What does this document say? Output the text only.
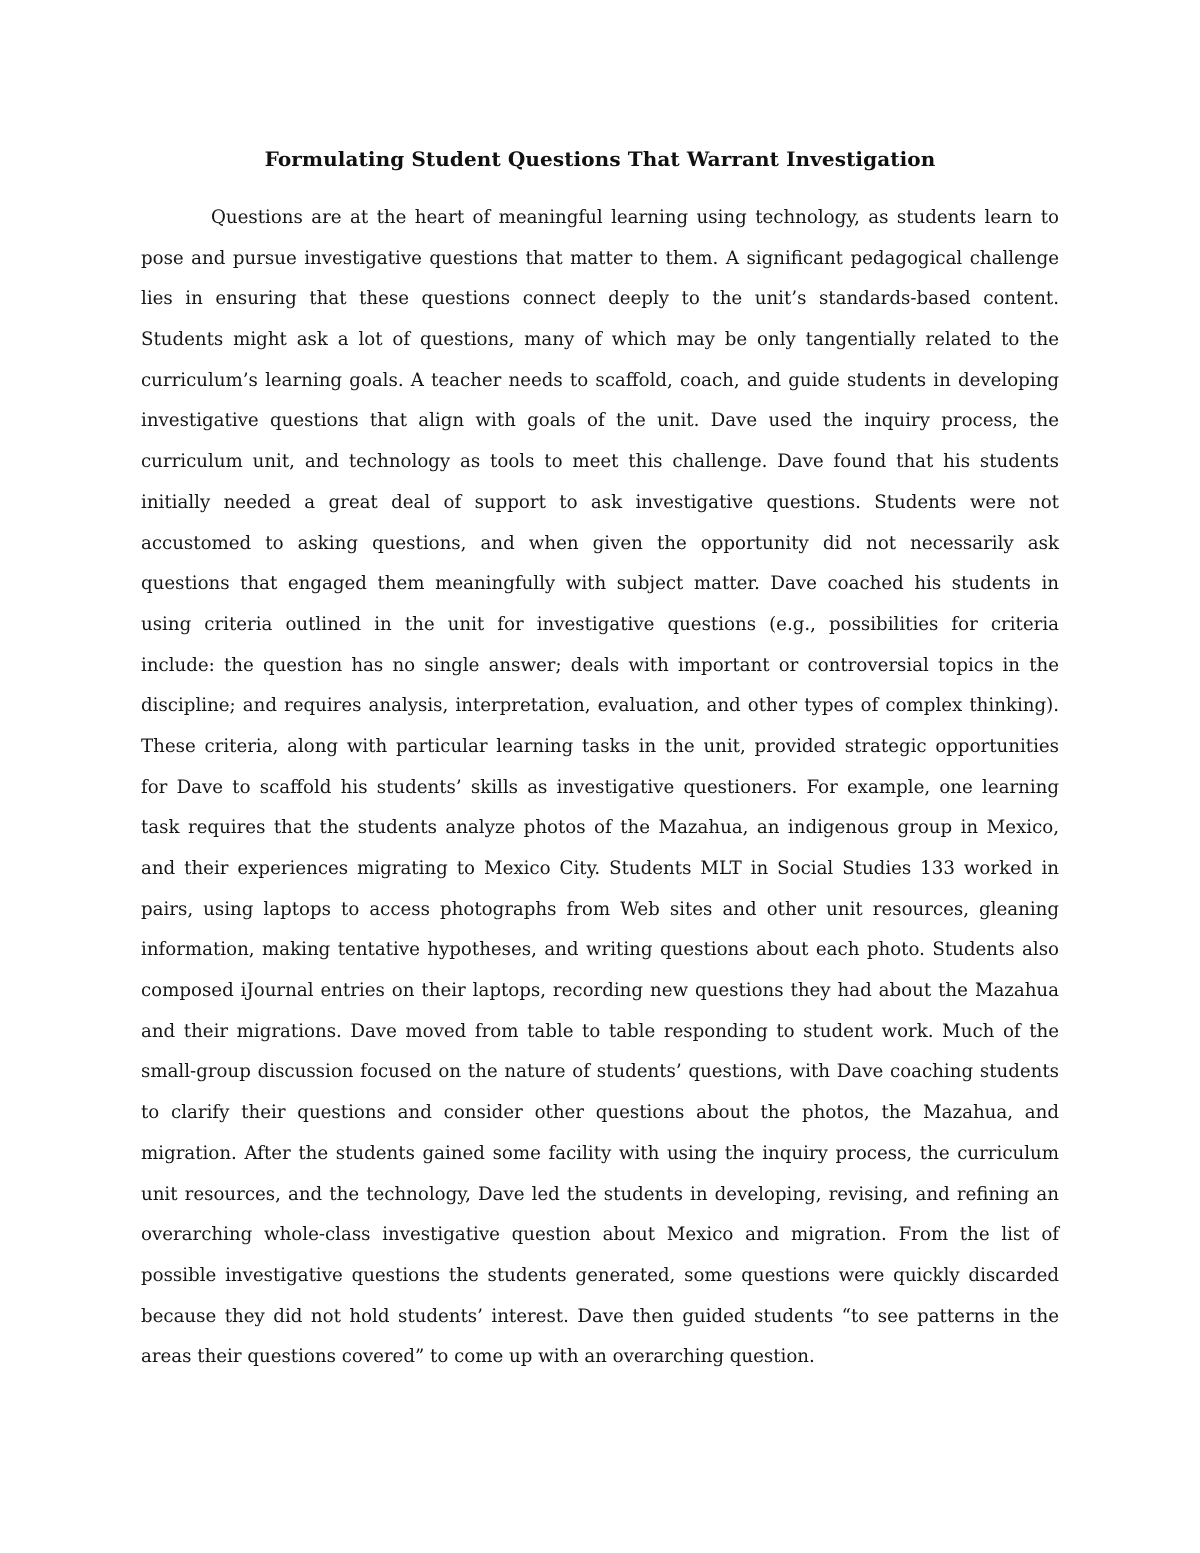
Formulating Student Questions That Warrant Investigation
Questions are at the heart of meaningful learning using technology, as students learn to
pose and pursue investigative questions that matter to them. A significant pedagogical challenge
lies in ensuring that these questions connect deeply to the unit’s standards-based content.
Students might ask a lot of questions, many of which may be only tangentially related to the
curriculum’s learning goals. A teacher needs to scaffold, coach, and guide students in developing
investigative questions that align with goals of the unit. Dave used the inquiry process, the
curriculum unit, and technology as tools to meet this challenge. Dave found that his students
initially needed a great deal of support to ask investigative questions. Students were not
accustomed to asking questions, and when given the opportunity did not necessarily ask
questions that engaged them meaningfully with subject matter. Dave coached his students in
using criteria outlined in the unit for investigative questions (e.g., possibilities for criteria
include: the question has no single answer; deals with important or controversial topics in the
discipline; and requires analysis, interpretation, evaluation, and other types of complex thinking).
These criteria, along with particular learning tasks in the unit, provided strategic opportunities
for Dave to scaffold his students’ skills as investigative questioners. For example, one learning
task requires that the students analyze photos of the Mazahua, an indigenous group in Mexico,
and their experiences migrating to Mexico City. Students MLT in Social Studies 133 worked in
pairs, using laptops to access photographs from Web sites and other unit resources, gleaning
information, making tentative hypotheses, and writing questions about each photo. Students also
composed iJournal entries on their laptops, recording new questions they had about the Mazahua
and their migrations. Dave moved from table to table responding to student work. Much of the
small-group discussion focused on the nature of students’ questions, with Dave coaching students
to clarify their questions and consider other questions about the photos, the Mazahua, and
migration. After the students gained some facility with using the inquiry process, the curriculum
unit resources, and the technology, Dave led the students in developing, revising, and refining an
overarching whole-class investigative question about Mexico and migration. From the list of
possible investigative questions the students generated, some questions were quickly discarded
because they did not hold students’ interest. Dave then guided students “to see patterns in the
areas their questions covered” to come up with an overarching question.
